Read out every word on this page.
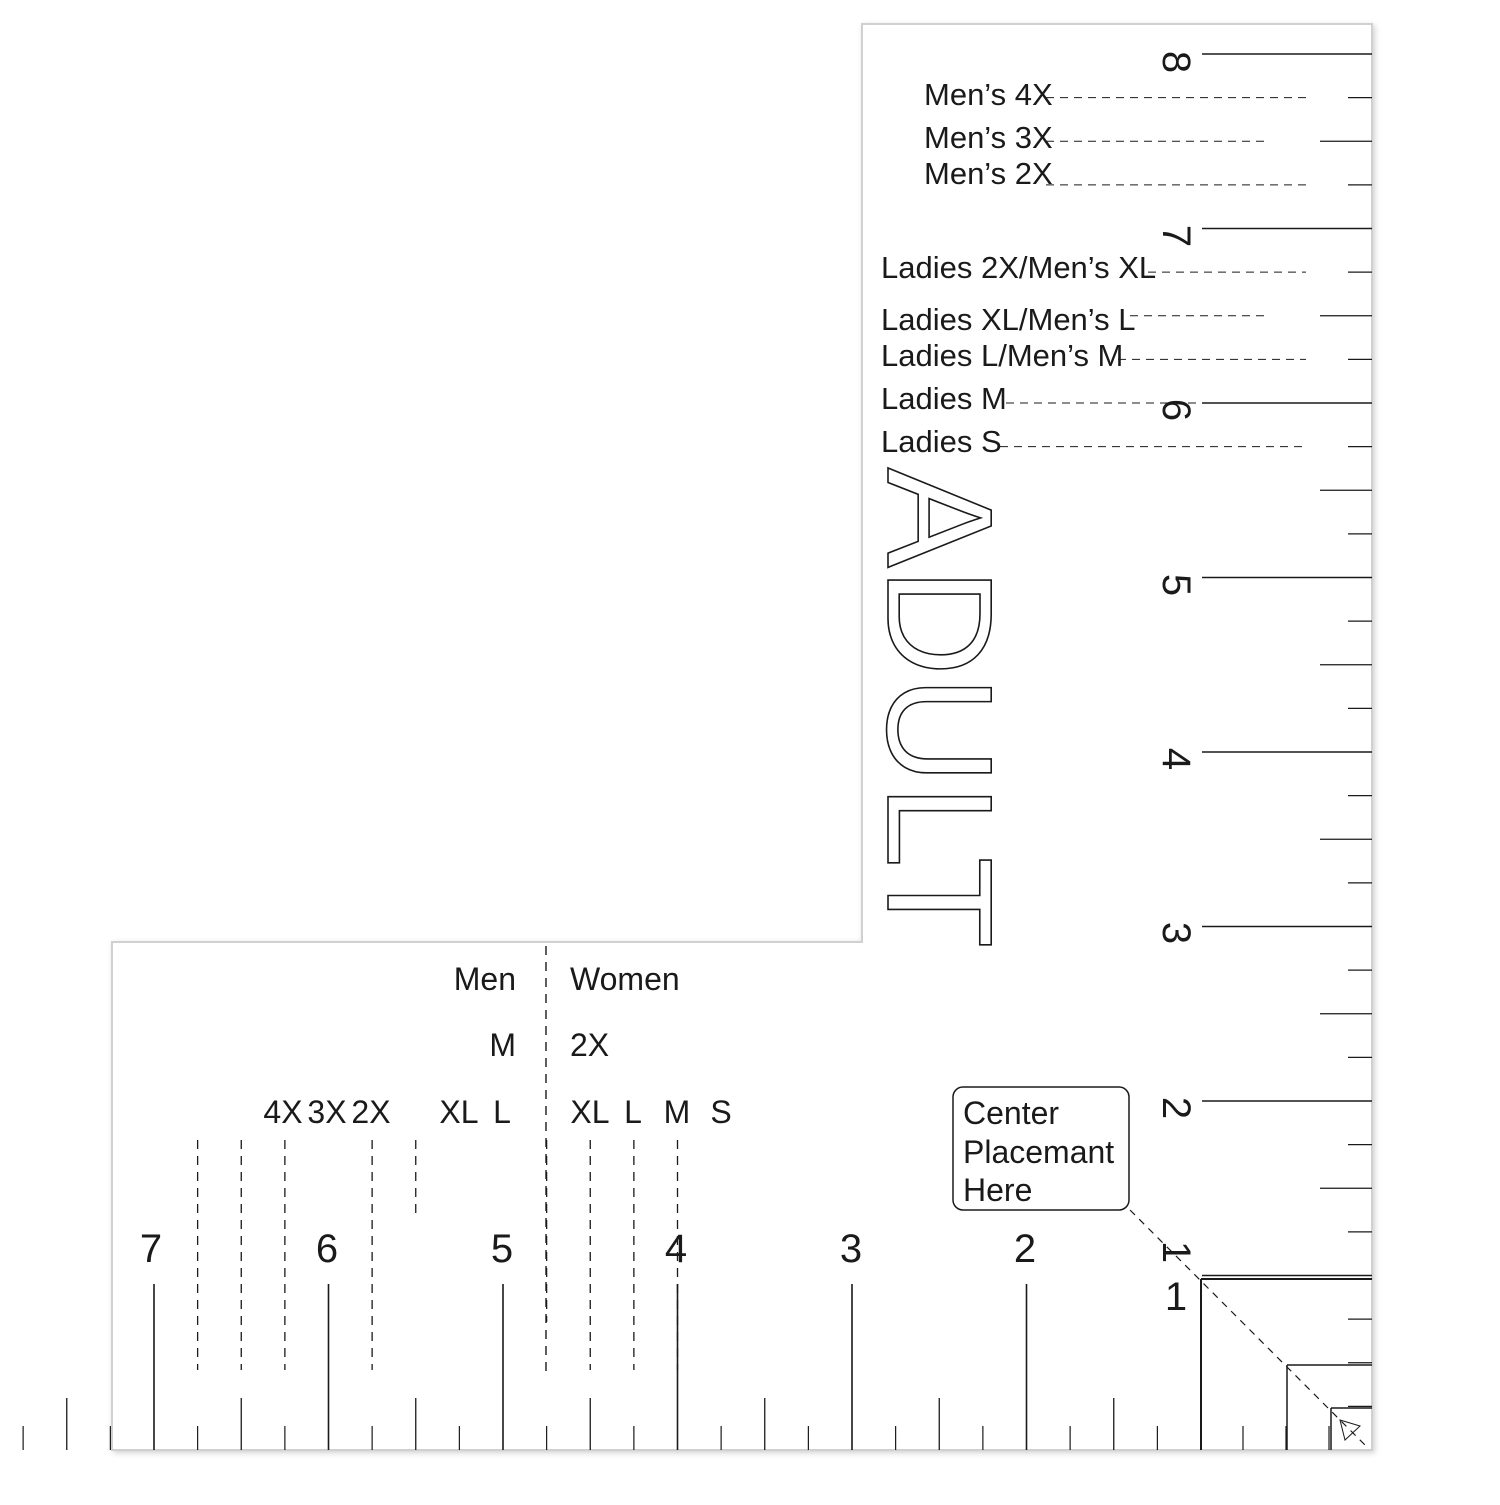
1
2
3
4
5
6
7
8
2
3
4
5
6
7
1
ADULT
Center
Placemant
Here
Men’s 4X
Men’s 3X
Men’s 2X
Ladies 2X/Men’s XL
Ladies XL/Men’s L
Ladies L/Men’s M
Ladies M
Ladies S
Men Women
M 2X
4X 3X 2X XL L XL L M S
